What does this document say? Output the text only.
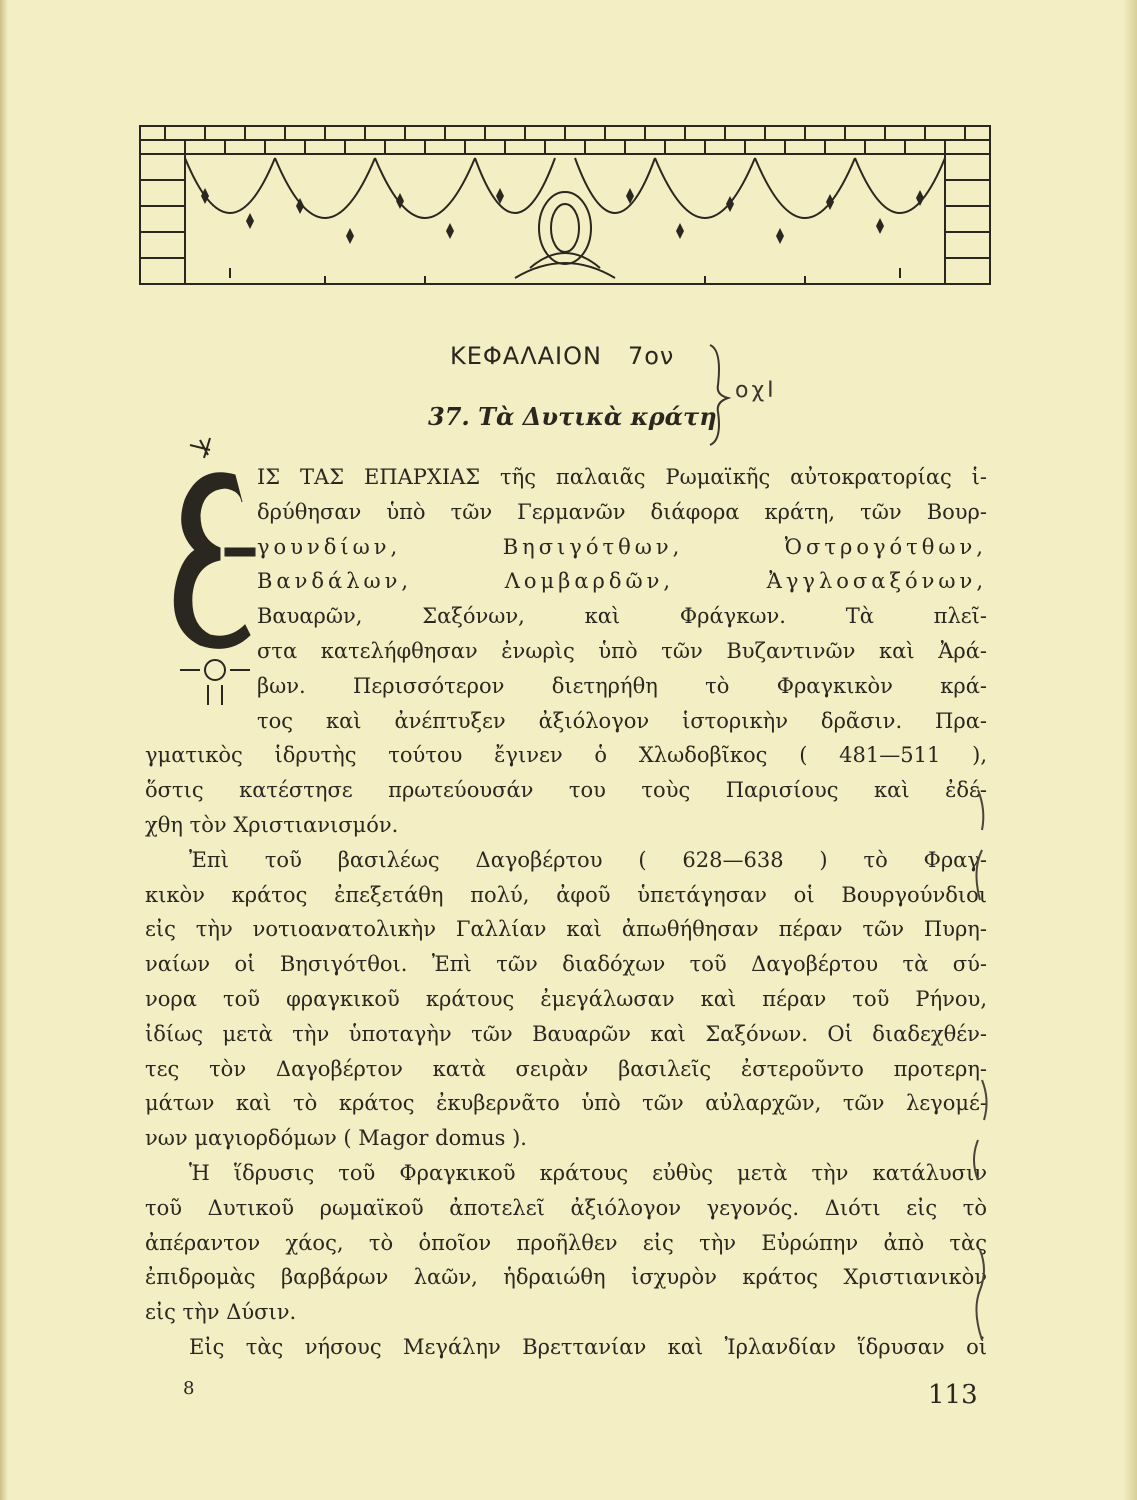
ΚΕΦΑΛΑΙΟΝ 7ον
οχΙ
37. Τὰ Δυτικὰ κράτη
ΙΣ ΤΑΣ ΕΠΑΡΧΙΑΣ τῆς παλαιᾶς Ρωμαϊκῆς αὐτοκρατορίας ἱ-
δρύθησαν ὑπὸ τῶν Γερμανῶν διάφορα κράτη, τῶν Βουρ-
γουνδίων, Βησιγότθων, Ὀστρογότθων,
Βανδάλων, Λομβαρδῶν, Ἀγγλοσαξόνων,
Βαυαρῶν, Σαξόνων, καὶ Φράγκων. Τὰ πλεῖ-
στα κατελήφθησαν ἐνωρὶς ὑπὸ τῶν Βυζαντινῶν καὶ Ἀρά-
βων. Περισσότερον διετηρήθη τὸ Φραγκικὸν κρά-
τος καὶ ἀνέπτυξεν ἀξιόλογον ἱστορικὴν δρᾶσιν. Πρα-
γματικὸς ἱδρυτὴς τούτου ἔγινεν ὁ Χλωδοβῖκος ( 481—511 ),
ὅστις κατέστησε πρωτεύουσάν του τοὺς Παρισίους καὶ ἐδέ-
χθη τὸν Χριστιανισμόν.
Ἐπὶ τοῦ βασιλέως Δαγοβέρτου ( 628—638 ) τὸ Φραγ-
κικὸν κράτος ἐπεξετάθη πολύ, ἀφοῦ ὑπετάγησαν οἱ Βουργούνδιοι
εἰς τὴν νοτιοανατολικὴν Γαλλίαν καὶ ἀπωθήθησαν πέραν τῶν Πυρη-
ναίων οἱ Βησιγότθοι. Ἐπὶ τῶν διαδόχων τοῦ Δαγοβέρτου τὰ σύ-
νορα τοῦ φραγκικοῦ κράτους ἐμεγάλωσαν καὶ πέραν τοῦ Ρήνου,
ἰδίως μετὰ τὴν ὑποταγὴν τῶν Βαυαρῶν καὶ Σαξόνων. Οἱ διαδεχθέν-
τες τὸν Δαγοβέρτον κατὰ σειρὰν βασιλεῖς ἐστεροῦντο προτερη-
μάτων καὶ τὸ κράτος ἐκυβερνᾶτο ὑπὸ τῶν αὐλαρχῶν, τῶν λεγομέ-
νων μαγιορδόμων ( Magor domus ).
Ἡ ἵδρυσις τοῦ Φραγκικοῦ κράτους εὐθὺς μετὰ τὴν κατάλυσιν
τοῦ Δυτικοῦ ρωμαϊκοῦ ἀποτελεῖ ἀξιόλογον γεγονός. Διότι εἰς τὸ
ἀπέραντον χάος, τὸ ὁποῖον προῆλθεν εἰς τὴν Εὐρώπην ἀπὸ τὰς
ἐπιδρομὰς βαρβάρων λαῶν, ἡδραιώθη ἰσχυρὸν κράτος Χριστιανικὸν
εἰς τὴν Δύσιν.
Εἰς τὰς νήσους Μεγάλην Βρεττανίαν καὶ Ἰρλανδίαν ἵδρυσαν οἱ
8	113
